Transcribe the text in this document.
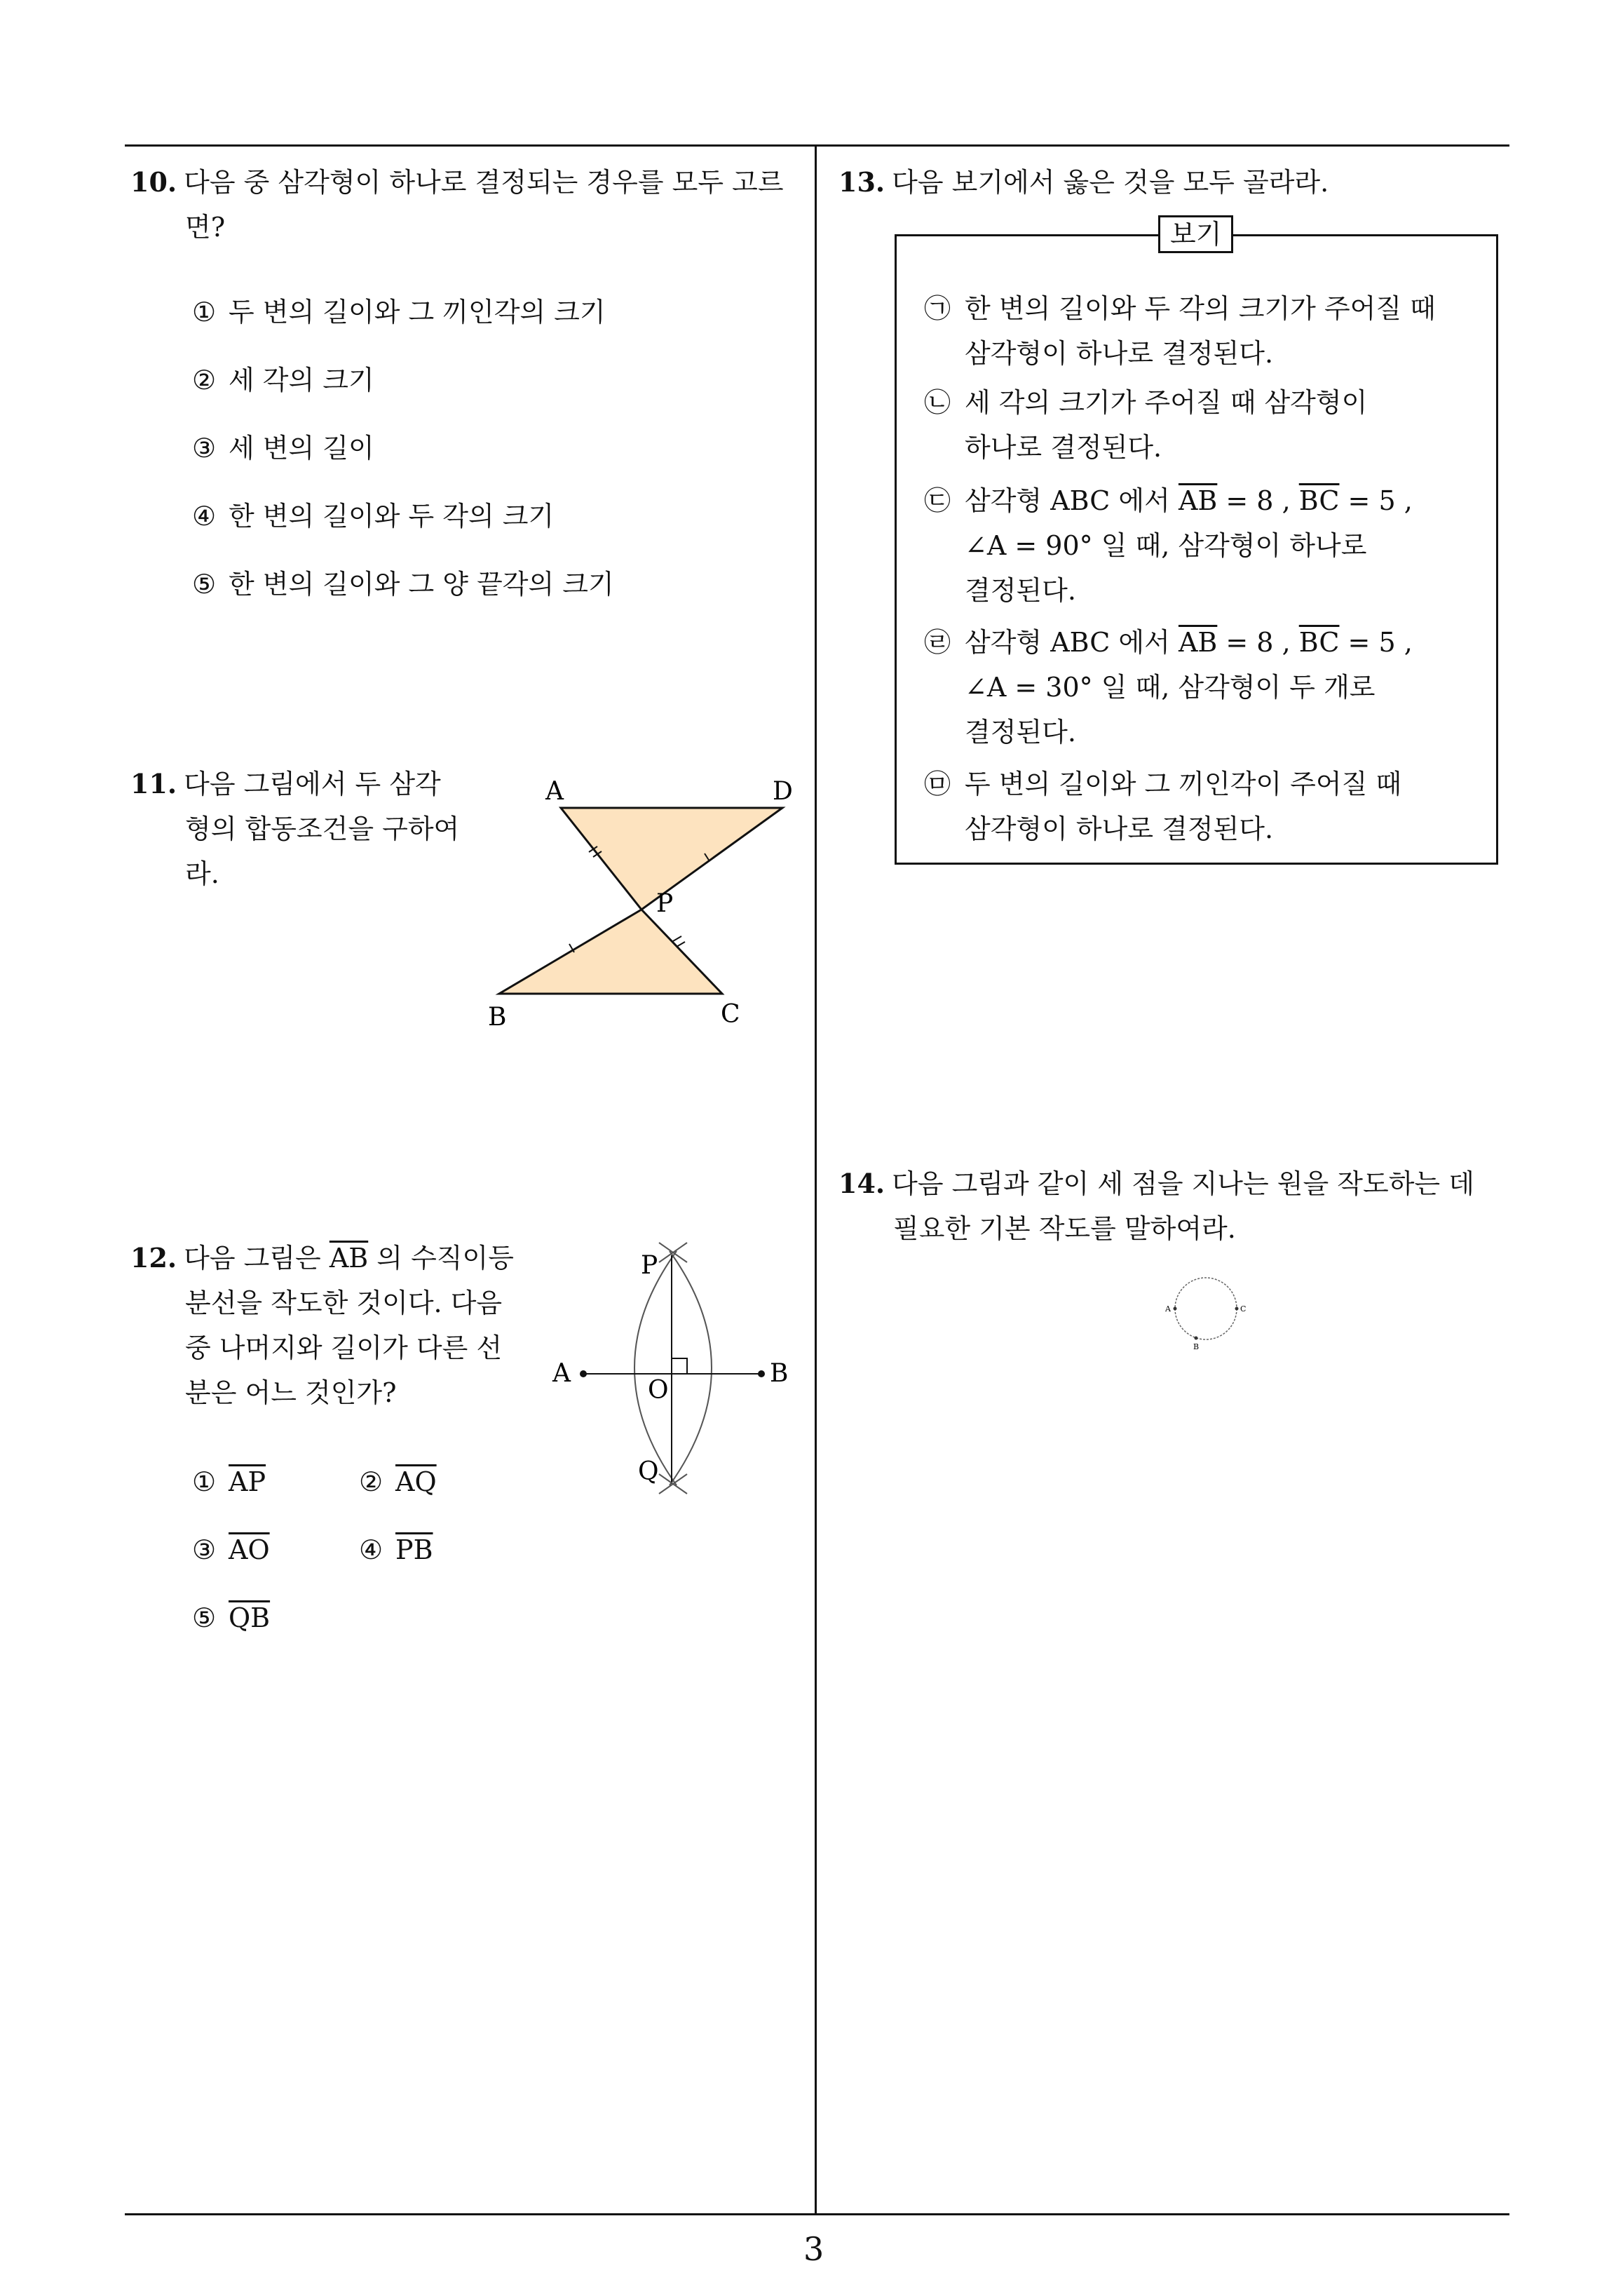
10. 다음 중 삼각형이 하나로 결정되는 경우를 모두 고르
면?
① 두 변의 길이와 그 끼인각의 크기
② 세 각의 크기
③ 세 변의 길이
④ 한 변의 길이와 두 각의 크기
⑤ 한 변의 길이와 그 양 끝각의 크기
11. 다음 그림에서 두 삼각
형의 합동조건을 구하여
라.
A	D
P
B	C
12. 다음 그림은 $\overline{AB}$ 의 수직이등
분선을 작도한 것이다. 다음
중 나머지와 길이가 다른 선
분은 어느 것인가?
A	B
O
P
Q
① $\overline{AP}$	② $\overline{AQ}$
③ $\overline{AO}$	④ $\overline{PB}$
⑤ $\overline{QB}$
13. 다음 보기에서 옳은 것을 모두 골라라.
보기
㉠ 한 변의 길이와 두 각의 크기가 주어질 때
삼각형이 하나로 결정된다.
㉡ 세 각의 크기가 주어질 때 삼각형이
하나로 결정된다.
㉢ 삼각형 ABC 에서 $\overline{AB} = 8$ , $\overline{BC} = 5$ ,
∠A = 90° 일 때, 삼각형이 하나로
결정된다.
㉣ 삼각형 ABC 에서 $\overline{AB} = 8$ , $\overline{BC} = 5$ ,
∠A = 30° 일 때, 삼각형이 두 개로
결정된다.
㉤ 두 변의 길이와 그 끼인각이 주어질 때
삼각형이 하나로 결정된다.
14. 다음 그림과 같이 세 점을 지나는 원을 작도하는 데
필요한 기본 작도를 말하여라.
A	C
B
3
